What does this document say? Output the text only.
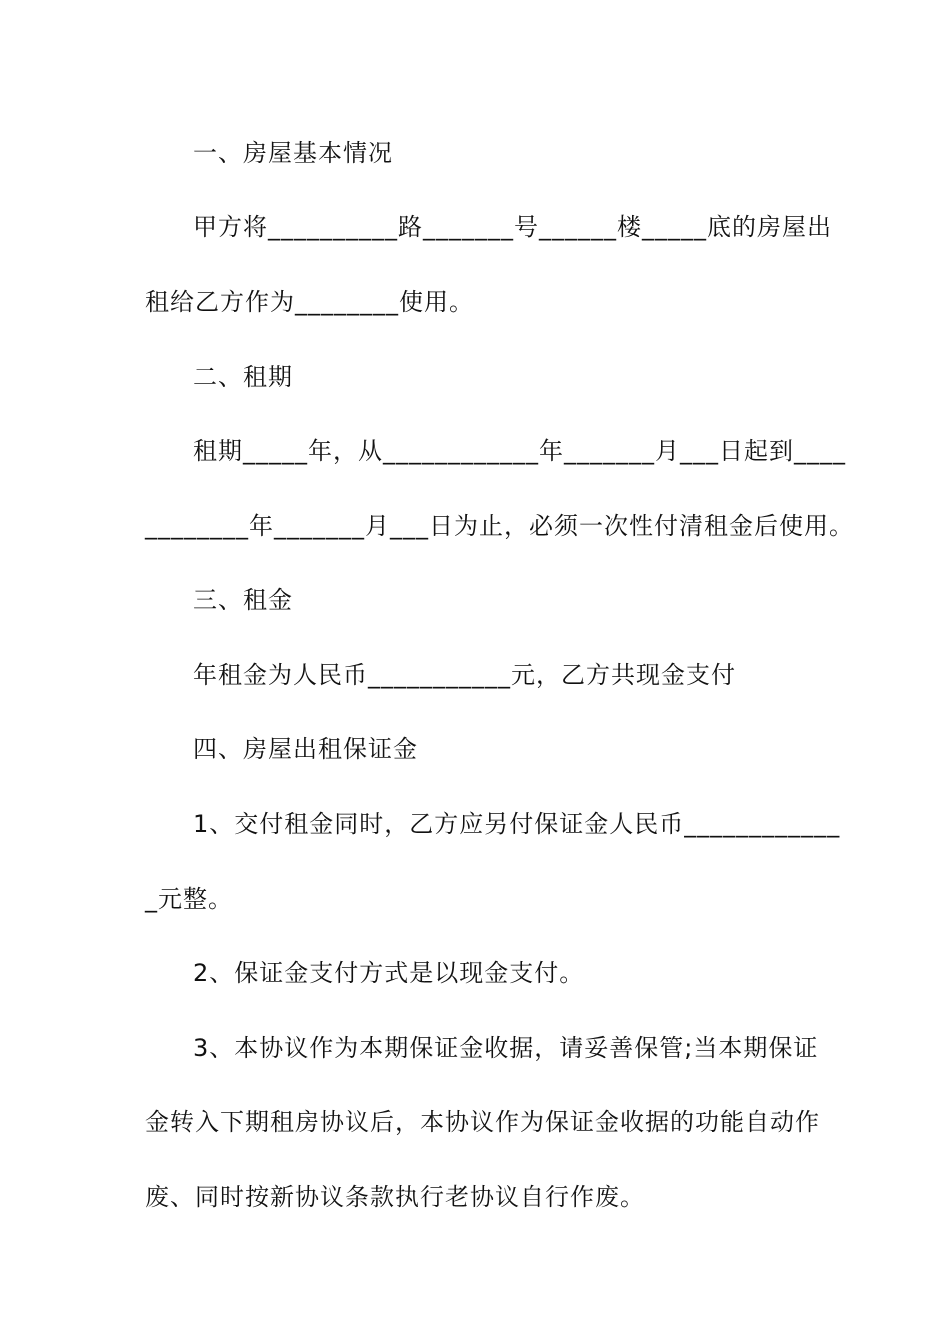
一、房屋基本情况
甲方将__________路_______号______楼_____底的房屋出
租给乙方作为________使用。
二、租期
租期_____年，从____________年_______月___日起到____
________年_______月___日为止，必须一次性付清租金后使用。
三、租金
年租金为人民币___________元，乙方共现金支付
四、房屋出租保证金
1、交付租金同时，乙方应另付保证金人民币____________
_元整。
2、保证金支付方式是以现金支付。
3、本协议作为本期保证金收据，请妥善保管;当本期保证
金转入下期租房协议后，本协议作为保证金收据的功能自动作
废、同时按新协议条款执行老协议自行作废。
